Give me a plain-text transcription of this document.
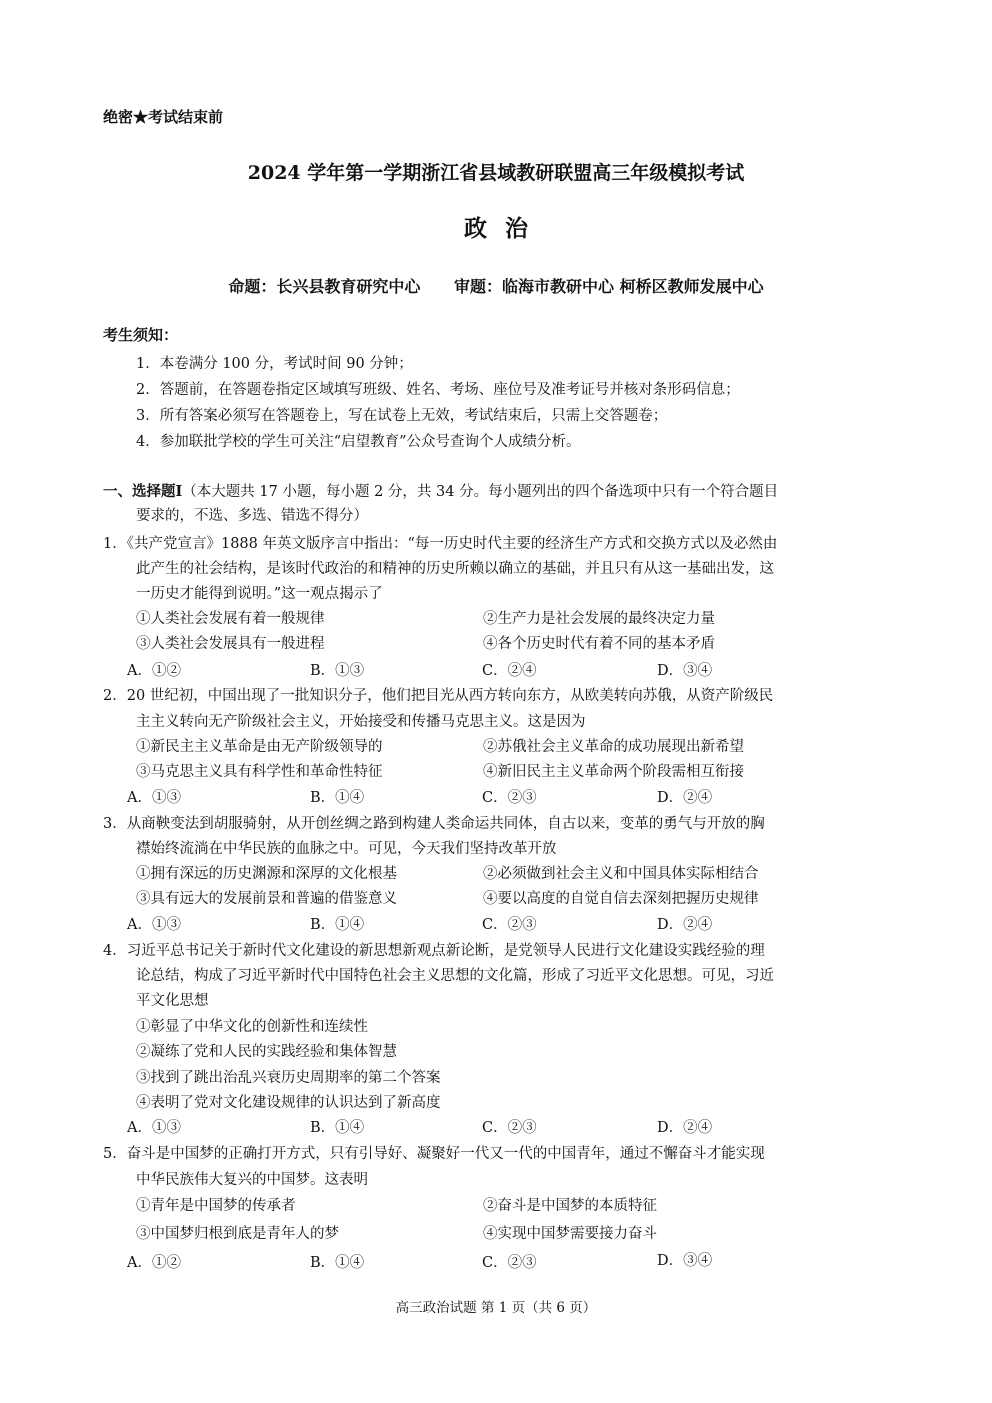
绝密★考试结束前
2024 学年第一学期浙江省县域教研联盟高三年级模拟考试
政治
命题：长兴县教育研究中心 审题：临海市教研中心 柯桥区教师发展中心
考生须知：
1．本卷满分 100 分，考试时间 90 分钟；
2．答题前，在答题卷指定区域填写班级、姓名、考场、座位号及准考证号并核对条形码信息；
3．所有答案必须写在答题卷上，写在试卷上无效，考试结束后，只需上交答题卷；
4．参加联批学校的学生可关注“启望教育”公众号查询个人成绩分析。
一、选择题Ⅰ（本大题共 17 小题，每小题 2 分，共 34 分。每小题列出的四个备选项中只有一个符合题目
要求的，不选、多选、错选不得分）
1．《共产党宣言》1888 年英文版序言中指出：“每一历史时代主要的经济生产方式和交换方式以及必然由
此产生的社会结构，是该时代政治的和精神的历史所赖以确立的基础，并且只有从这一基础出发，这
一历史才能得到说明。”这一观点揭示了
①人类社会发展有着一般规律	②生产力是社会发展的最终决定力量
③人类社会发展具有一般进程	④各个历史时代有着不同的基本矛盾
A．①②	B．①③	C．②④	D．③④
2．20 世纪初，中国出现了一批知识分子，他们把目光从西方转向东方，从欧美转向苏俄，从资产阶级民
主主义转向无产阶级社会主义，开始接受和传播马克思主义。这是因为
①新民主主义革命是由无产阶级领导的	②苏俄社会主义革命的成功展现出新希望
③马克思主义具有科学性和革命性特征	④新旧民主主义革命两个阶段需相互衔接
A．①③	B．①④	C．②③	D．②④
3．从商鞅变法到胡服骑射，从开创丝绸之路到构建人类命运共同体，自古以来，变革的勇气与开放的胸
襟始终流淌在中华民族的血脉之中。可见，今天我们坚持改革开放
①拥有深远的历史渊源和深厚的文化根基	②必须做到社会主义和中国具体实际相结合
③具有远大的发展前景和普遍的借鉴意义	④要以高度的自觉自信去深刻把握历史规律
A．①③	B．①④	C．②③	D．②④
4．习近平总书记关于新时代文化建设的新思想新观点新论断，是党领导人民进行文化建设实践经验的理
论总结，构成了习近平新时代中国特色社会主义思想的文化篇，形成了习近平文化思想。可见，习近
平文化思想
①彰显了中华文化的创新性和连续性
②凝练了党和人民的实践经验和集体智慧
③找到了跳出治乱兴衰历史周期率的第二个答案
④表明了党对文化建设规律的认识达到了新高度
A．①③	B．①④	C．②③	D．②④
5．奋斗是中国梦的正确打开方式，只有引导好、凝聚好一代又一代的中国青年，通过不懈奋斗才能实现
中华民族伟大复兴的中国梦。这表明
①青年是中国梦的传承者	②奋斗是中国梦的本质特征
③中国梦归根到底是青年人的梦	④实现中国梦需要接力奋斗
A．①②	B．①④	C．②③	D．③④
高三政治试题 第 1 页（共 6 页）
